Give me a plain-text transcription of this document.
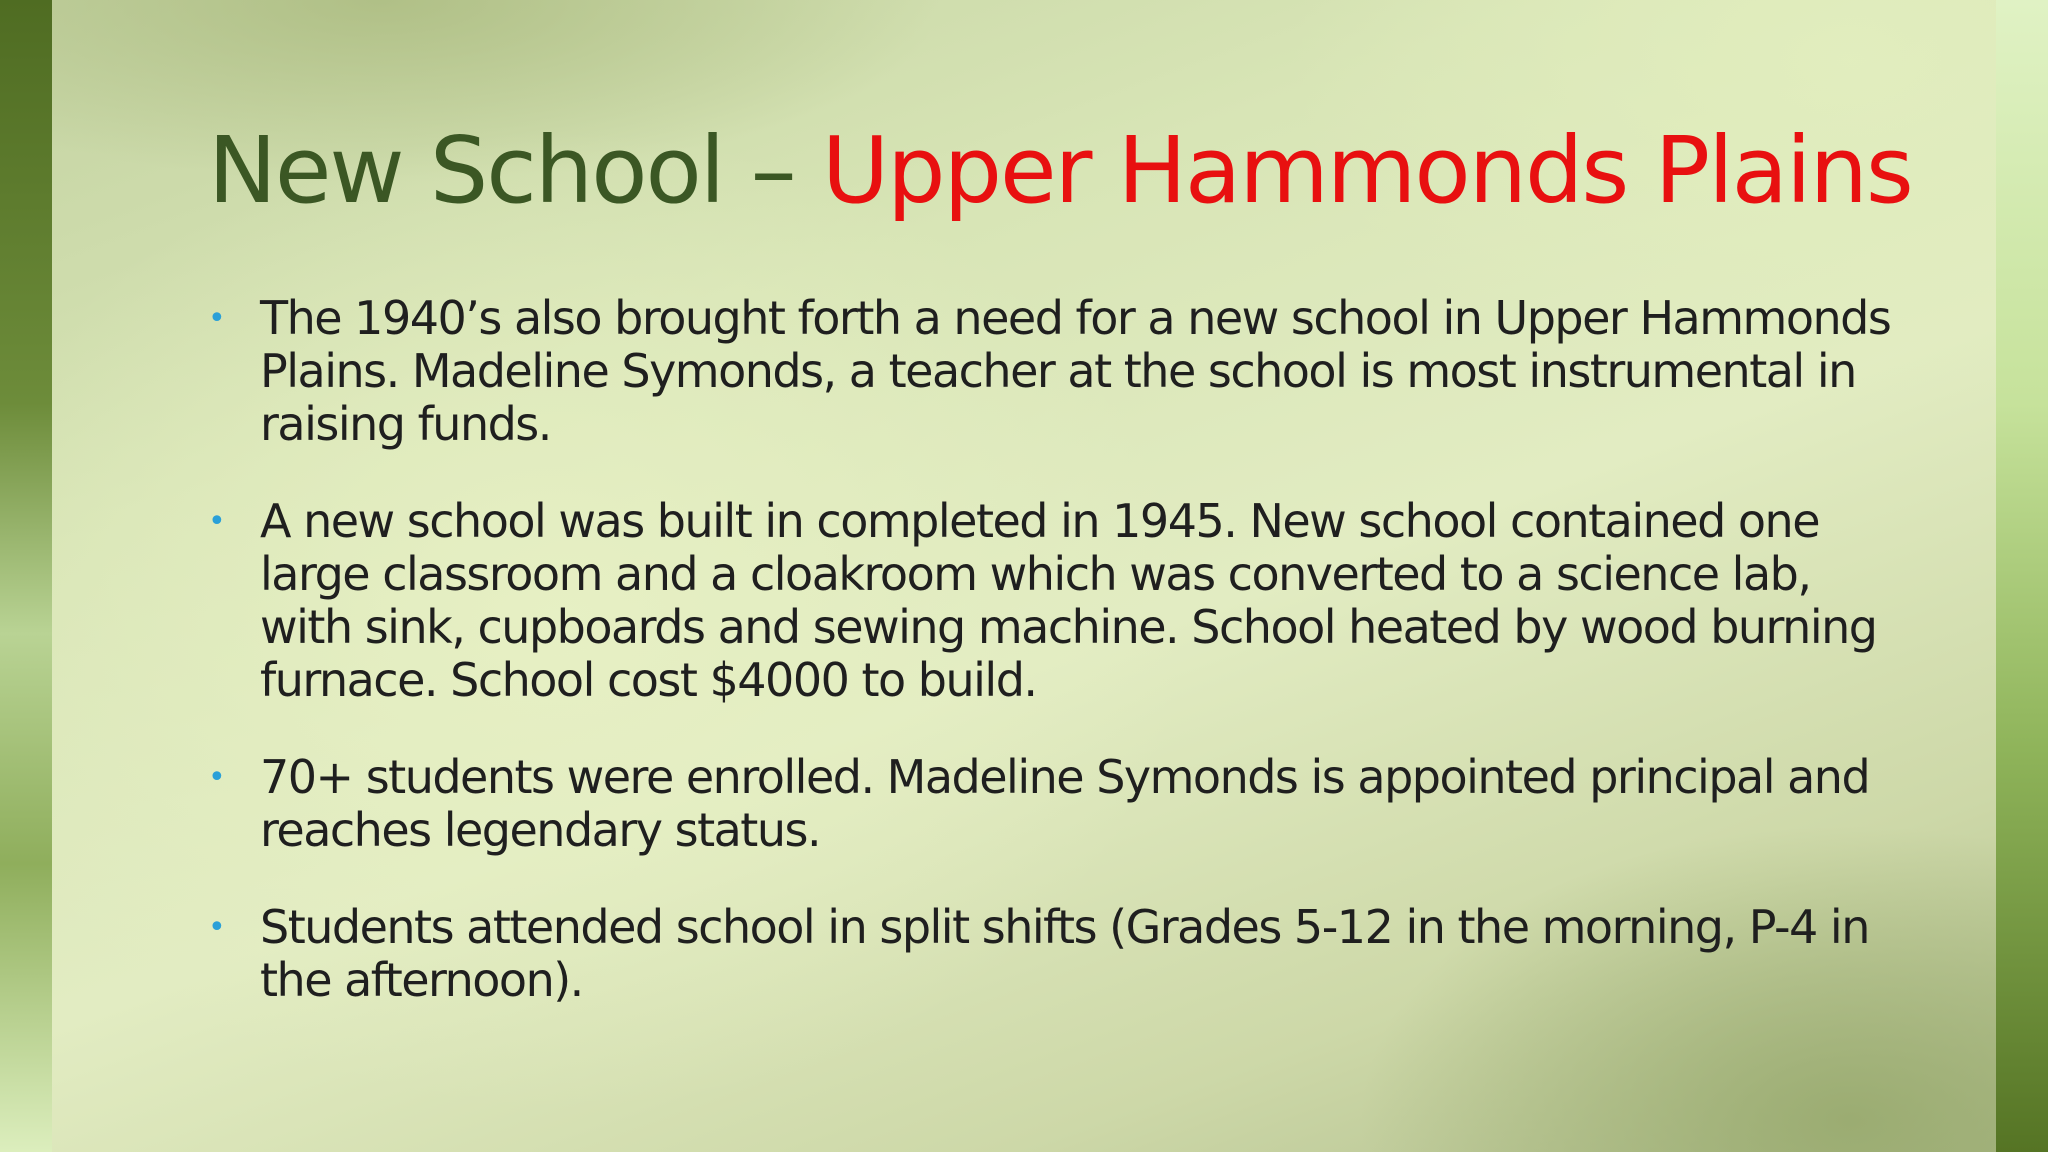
New School – Upper Hammonds Plains
• The 1940’s also brought forth a need for a new school in Upper Hammonds Plains. Madeline Symonds, a teacher at the school is most instrumental in raising funds.
• A new school was built in completed in 1945. New school contained one large classroom and a cloakroom which was converted to a science lab, with sink, cupboards and sewing machine. School heated by wood burning furnace. School cost $4000 to build.
• 70+ students were enrolled. Madeline Symonds is appointed principal and reaches legendary status.
• Students attended school in split shifts (Grades 5-12 in the morning, P-4 in the afternoon).
